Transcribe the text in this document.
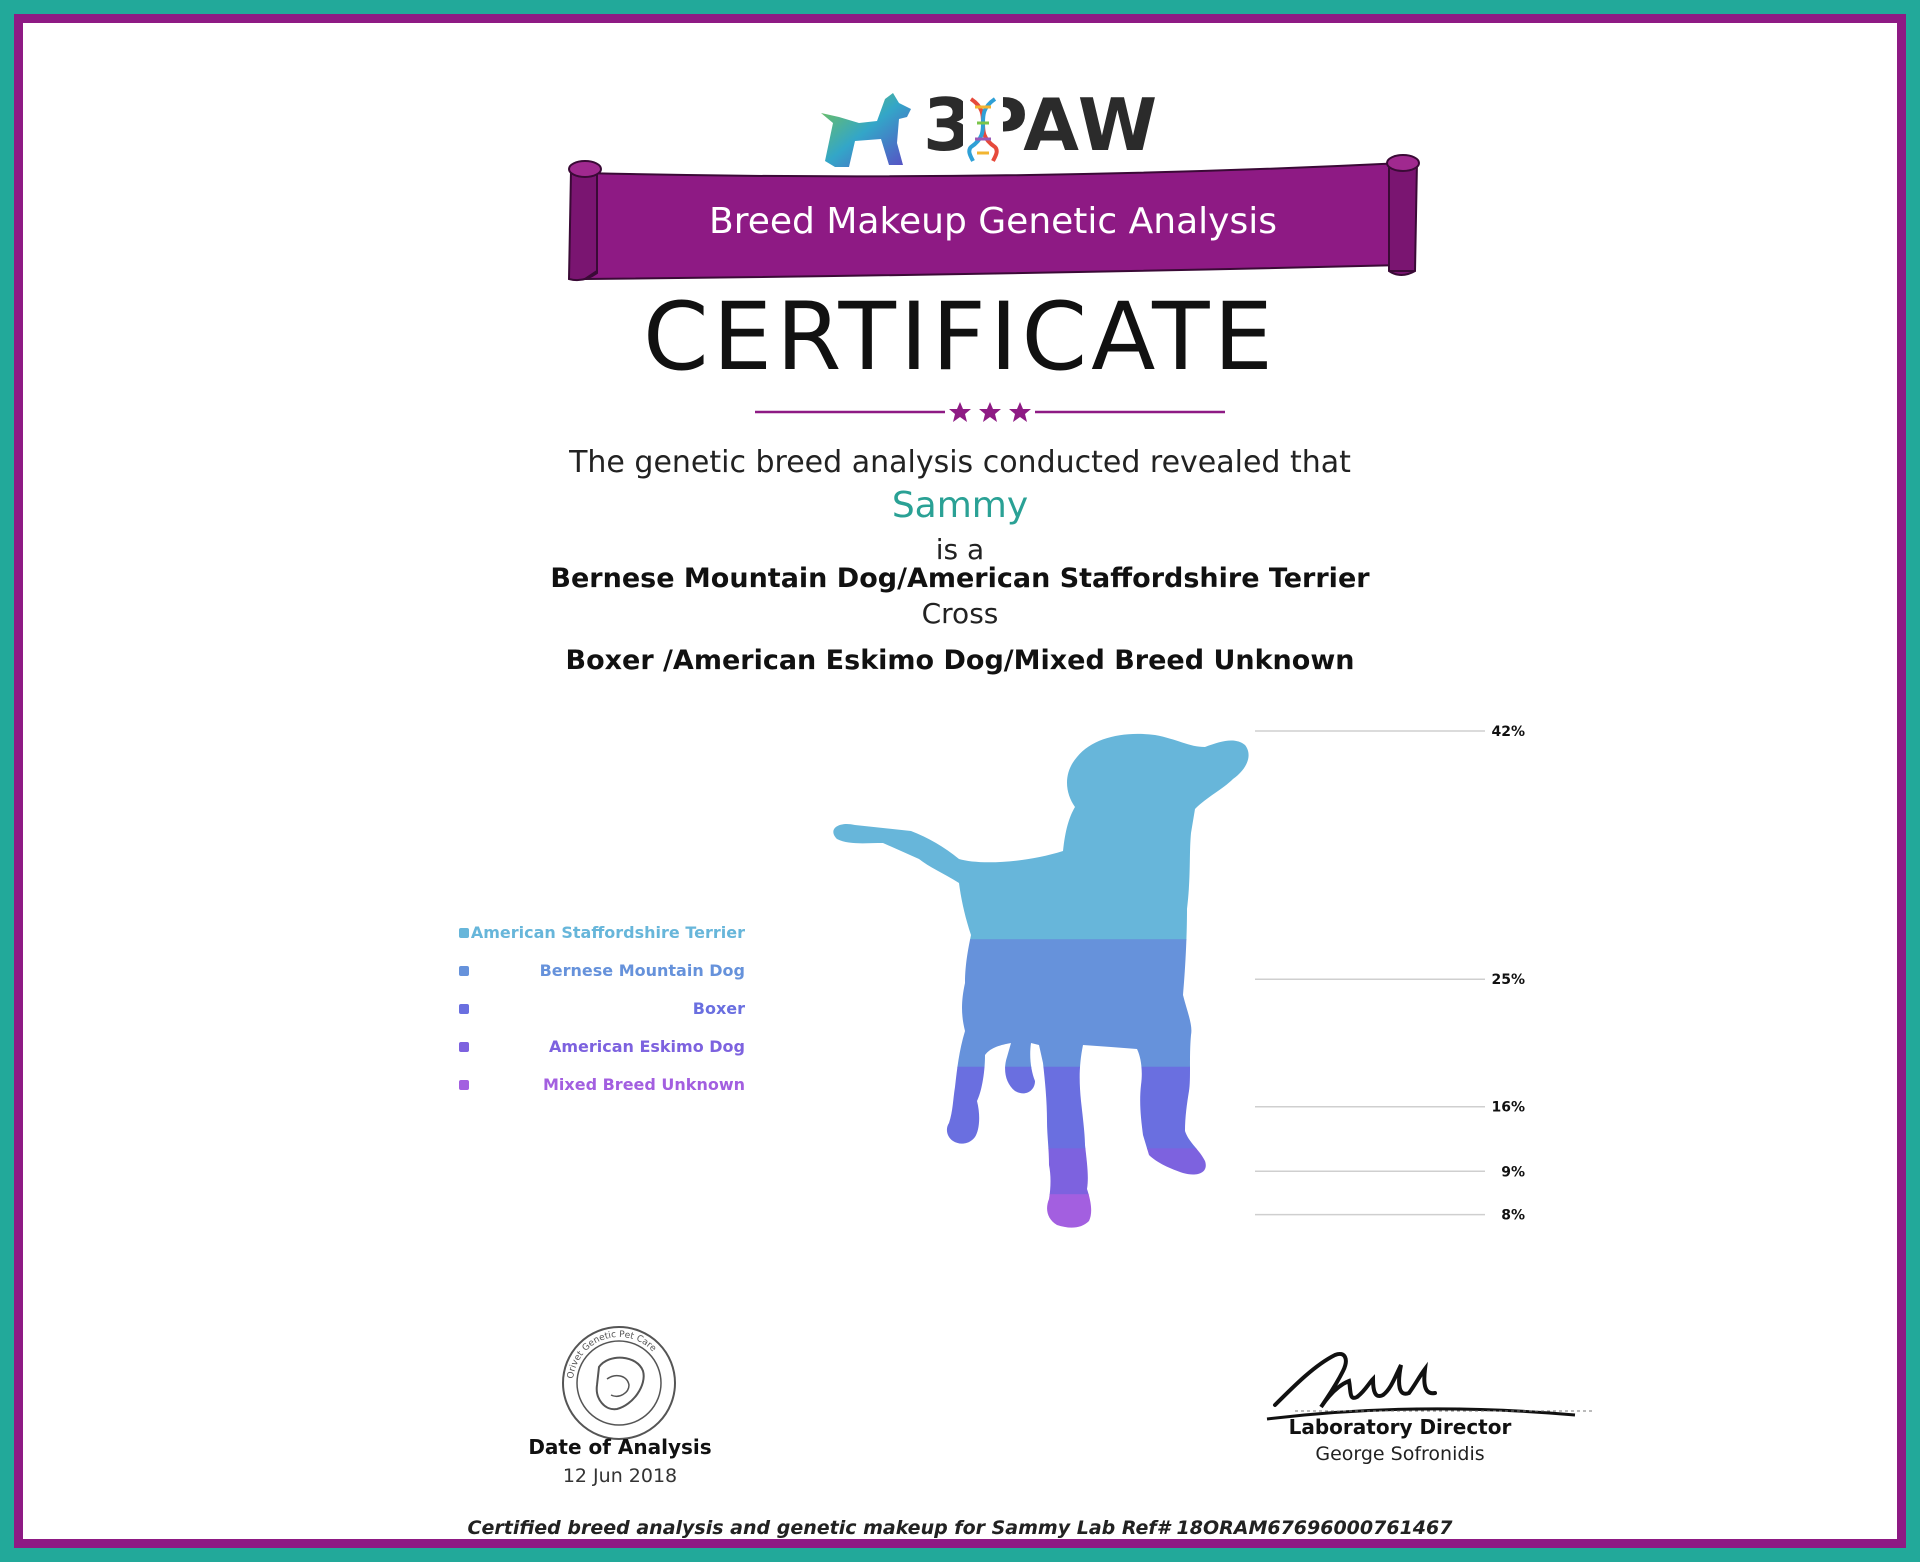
3PAW
Breed Makeup Genetic Analysis
CERTIFICATE
The genetic breed analysis conducted revealed that
Sammy
is a
Bernese Mountain Dog/American Staffordshire Terrier
Cross
Boxer /American Eskimo Dog/Mixed Breed Unknown
American Staffordshire Terrier
Bernese Mountain Dog
Boxer
American Eskimo Dog
Mixed Breed Unknown
42%
25%
16%
9%
8%
Orivet Genetic Pet Care
Date of Analysis
12 Jun 2018
Laboratory Director
George Sofronidis
Certified breed analysis and genetic makeup for Sammy Lab Ref# 18ORAM67696000761467
